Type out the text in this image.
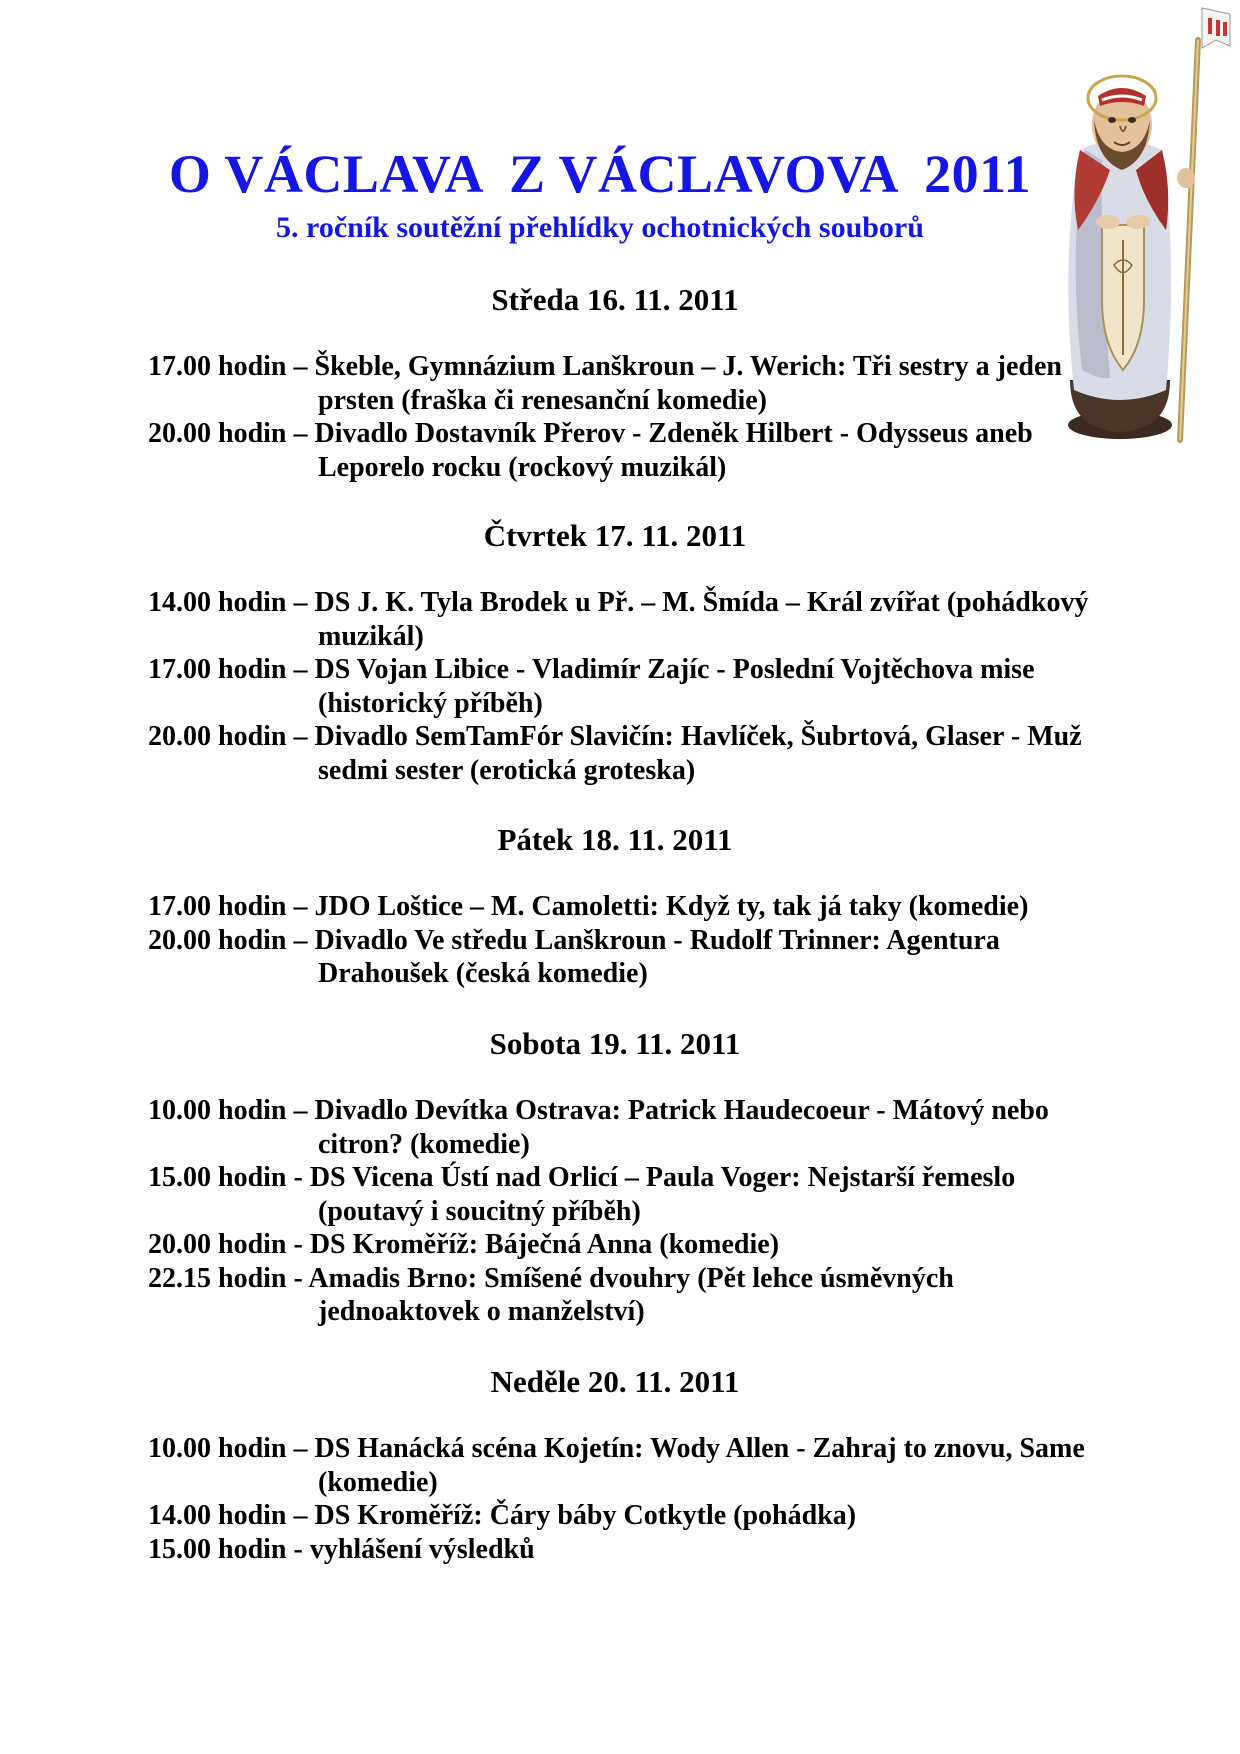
O VÁCLAVA  Z VÁCLAVOVA  2011
5. ročník soutěžní přehlídky ochotnických souborů
Středa 16. 11. 2011

17.00 hodin – Škeble, Gymnázium Lanškroun – J. Werich: Tři sestry a jeden prsten (fraška či renesanční komedie)

20.00 hodin – Divadlo Dostavník Přerov - Zdeněk Hilbert - Odysseus aneb Leporelo rocku (rockový muzikál)

Čtvrtek 17. 11. 2011

14.00 hodin – DS J. K. Tyla Brodek u Př. – M. Šmída – Král zvířat (pohádkový muzikál)

17.00 hodin – DS Vojan Libice - Vladimír Zajíc - Poslední Vojtěchova mise (historický příběh)

20.00 hodin – Divadlo SemTamFór Slavičín: Havlíček, Šubrtová, Glaser - Muž sedmi sester (erotická groteska)

Pátek 18. 11. 2011

17.00 hodin – JDO Loštice – M. Camoletti: Když ty, tak já taky (komedie)

20.00 hodin – Divadlo Ve středu Lanškroun - Rudolf Trinner: Agentura Drahoušek (česká komedie)

Sobota 19. 11. 2011

10.00 hodin – Divadlo Devítka Ostrava: Patrick Haudecoeur - Mátový nebo citron? (komedie)

15.00 hodin - DS Vicena Ústí nad Orlicí – Paula Voger: Nejstarší řemeslo (poutavý i soucitný příběh)

20.00 hodin - DS Kroměříž: Báječná Anna (komedie)

22.15 hodin - Amadis Brno: Smíšené dvouhry (Pět lehce úsměvných jednoaktovek o manželství)

Neděle 20. 11. 2011

10.00 hodin – DS Hanácká scéna Kojetín: Wody Allen - Zahraj to znovu, Same (komedie)

14.00 hodin – DS Kroměříž: Čáry báby Cotkytle (pohádka)

15.00 hodin - vyhlášení výsledků
